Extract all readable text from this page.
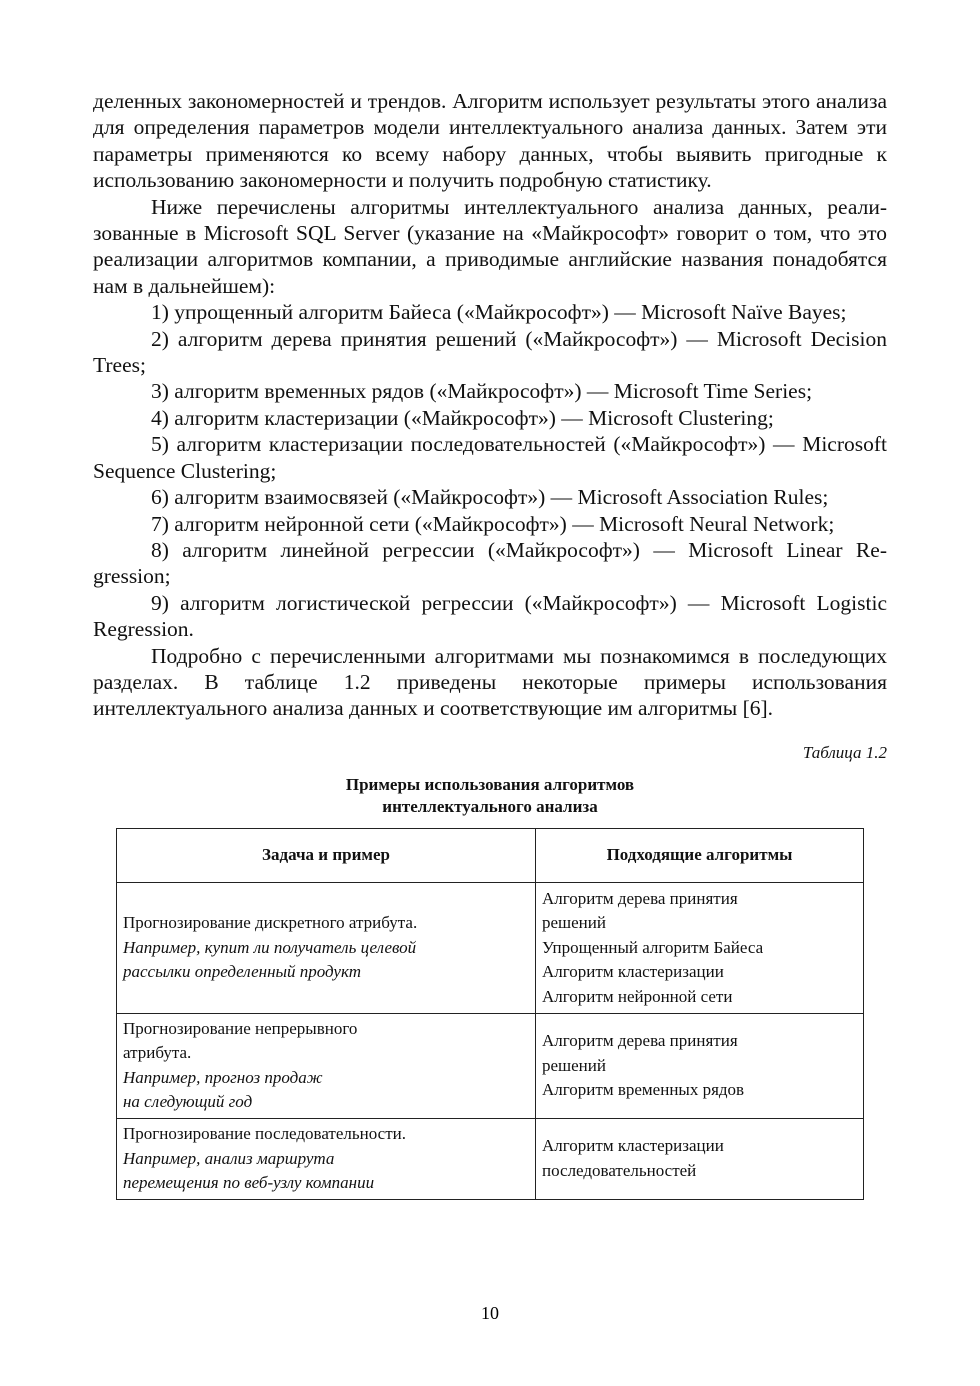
деленных закономерностей и трендов. Алгоритм использует результаты этого анализа для определения параметров модели интеллектуального анализа данных. Затем эти параметры применяются ко всему набору данных, чтобы выявить пригодные к использованию закономерности и получить подробную статистику.

Ниже перечислены алгоритмы интеллектуального анализа данных, реализованные в Microsoft SQL Server (указание на «Майкрософт» говорит о том, что это реализации алгоритмов компании, а приводимые английские названия понадобятся нам в дальнейшем):

1) упрощенный алгоритм Байеса («Майкрософт») — Microsoft Naïve Bayes;

2) алгоритм дерева принятия решений («Майкрософт») — Microsoft Decision Trees;

3) алгоритм временных рядов («Майкрософт») — Microsoft Time Series;

4) алгоритм кластеризации («Майкрософт») — Microsoft Clustering;

5) алгоритм кластеризации последовательностей («Майкрософт») — Microsoft Sequence Clustering;

6) алгоритм взаимосвязей («Майкрософт») — Microsoft Association Rules;

7) алгоритм нейронной сети («Майкрософт») — Microsoft Neural Network;

8) алгоритм линейной регрессии («Майкрософт») — Microsoft Linear Regression;

9) алгоритм логистической регрессии («Майкрософт») — Microsoft Logistic Regression.

Подробно с перечисленными алгоритмами мы познакомимся в последующих разделах. В таблице 1.2 приведены некоторые примеры использования интеллектуального анализа данных и соответствующие им алгоритмы [6].

Таблица 1.2
Примеры использования алгоритмов
интеллектуального анализа
Задача и пример	Подходящие алгоритмы

Прогнозирование дискретного атрибута.
Например, купит ли получатель целевой
рассылки определенный продукт	Алгоритм дерева принятия
решений
Упрощенный алгоритм Байеса
Алгоритм кластеризации
Алгоритм нейронной сети

Прогнозирование непрерывного
атрибута.
Например, прогноз продаж
на следующий год	Алгоритм дерева принятия
решений
Алгоритм временных рядов

Прогнозирование последовательности.
Например, анализ маршрута
перемещения по веб-узлу компании	Алгоритм кластеризации
последовательностей
10
